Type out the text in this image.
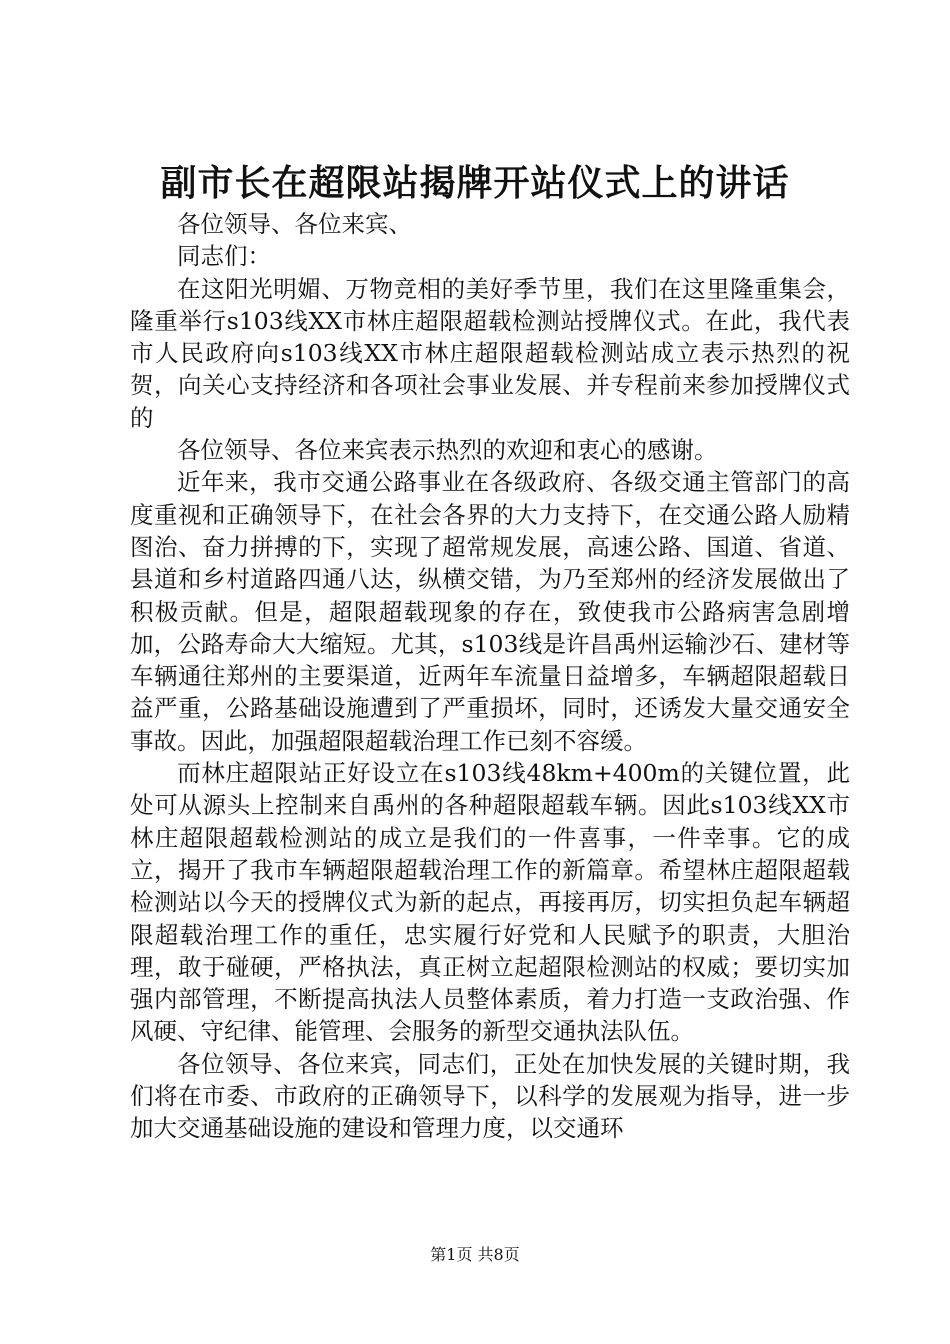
副市长在超限站揭牌开站仪式上的讲话

各位领导、各位来宾、

同志们：

在这阳光明媚、万物竞相的美好季节里，我们在这里隆重集会，隆重举行s103线XX市林庄超限超载检测站授牌仪式。在此，我代表市人民政府向s103线XX市林庄超限超载检测站成立表示热烈的祝贺，向关心支持经济和各项社会事业发展、并专程前来参加授牌仪式的

各位领导、各位来宾表示热烈的欢迎和衷心的感谢。

近年来，我市交通公路事业在各级政府、各级交通主管部门的高度重视和正确领导下，在社会各界的大力支持下，在交通公路人励精图治、奋力拼搏的下，实现了超常规发展，高速公路、国道、省道、县道和乡村道路四通八达，纵横交错，为乃至郑州的经济发展做出了积极贡献。但是，超限超载现象的存在，致使我市公路病害急剧增加，公路寿命大大缩短。尤其，s103线是许昌禹州运输沙石、建材等车辆通往郑州的主要渠道，近两年车流量日益增多，车辆超限超载日益严重，公路基础设施遭到了严重损坏，同时，还诱发大量交通安全事故。因此，加强超限超载治理工作已刻不容缓。

而林庄超限站正好设立在s103线48km+400m的关键位置，此处可从源头上控制来自禹州的各种超限超载车辆。因此s103线XX市林庄超限超载检测站的成立是我们的一件喜事，一件幸事。它的成立，揭开了我市车辆超限超载治理工作的新篇章。希望林庄超限超载检测站以今天的授牌仪式为新的起点，再接再厉，切实担负起车辆超限超载治理工作的重任，忠实履行好党和人民赋予的职责，大胆治理，敢于碰硬，严格执法，真正树立起超限检测站的权威；要切实加强内部管理，不断提高执法人员整体素质，着力打造一支政治强、作风硬、守纪律、能管理、会服务的新型交通执法队伍。

各位领导、各位来宾，同志们，正处在加快发展的关键时期，我们将在市委、市政府的正确领导下，以科学的发展观为指导，进一步加大交通基础设施的建设和管理力度，以交通环

第1页 共8页
